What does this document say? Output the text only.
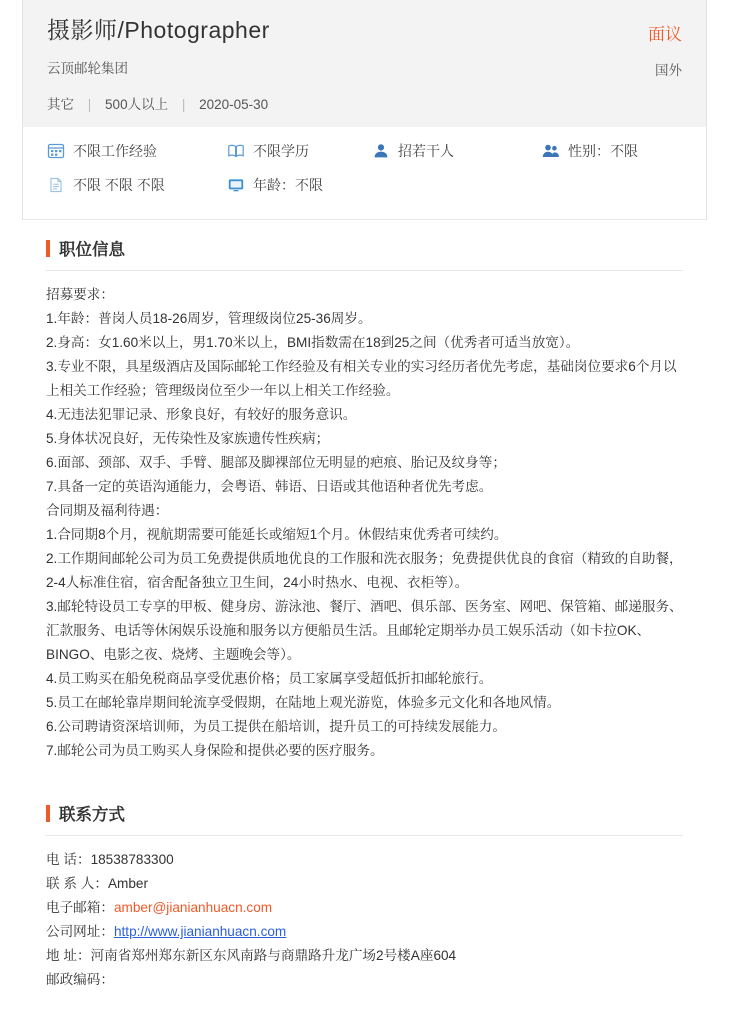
摄影师/Photographer
云顶邮轮集团
其它 | 500人以上 | 2020-05-30
面议
国外
不限工作经验	不限学历	招若干人	性别：不限
不限 不限 不限	年龄：不限
职位信息

招募要求：

1.年龄：普岗人员18-26周岁，管理级岗位25-36周岁。

2.身高：女1.60米以上，男1.70米以上，BMI指数需在18到25之间（优秀者可适当放宽）。

3.专业不限，具星级酒店及国际邮轮工作经验及有相关专业的实习经历者优先考虑，基础岗位要求6个月以上相关工作经验；管理级岗位至少一年以上相关工作经验。

4.无违法犯罪记录、形象良好，有较好的服务意识。

5.身体状况良好，无传染性及家族遗传性疾病；

6.面部、颈部、双手、手臂、腿部及脚裸部位无明显的疤痕、胎记及纹身等；

7.具备一定的英语沟通能力，会粤语、韩语、日语或其他语种者优先考虑。

合同期及福利待遇：

1.合同期8个月，视航期需要可能延长或缩短1个月。休假结束优秀者可续约。

2.工作期间邮轮公司为员工免费提供质地优良的工作服和洗衣服务；免费提供优良的食宿（精致的自助餐，2-4人标准住宿，宿舍配备独立卫生间，24小时热水、电视、衣柜等）。

3.邮轮特设员工专享的甲板、健身房、游泳池、餐厅、酒吧、俱乐部、医务室、网吧、保管箱、邮递服务、汇款服务、电话等休闲娱乐设施和服务以方便船员生活。且邮轮定期举办员工娱乐活动（如卡拉OK、BINGO、电影之夜、烧烤、主题晚会等）。

4.员工购买在船免税商品享受优惠价格；员工家属享受超低折扣邮轮旅行。

5.员工在邮轮靠岸期间轮流享受假期，在陆地上观光游览，体验多元文化和各地风情。

6.公司聘请资深培训师，为员工提供在船培训，提升员工的可持续发展能力。

7.邮轮公司为员工购买人身保险和提供必要的医疗服务。

联系方式
电 话：18538783300
联 系 人：Amber
电子邮箱：amber@jianianhuacn.com
公司网址：http://www.jianianhuacn.com
地 址：河南省郑州郑东新区东风南路与商鼎路升龙广场2号楼A座604
邮政编码：
